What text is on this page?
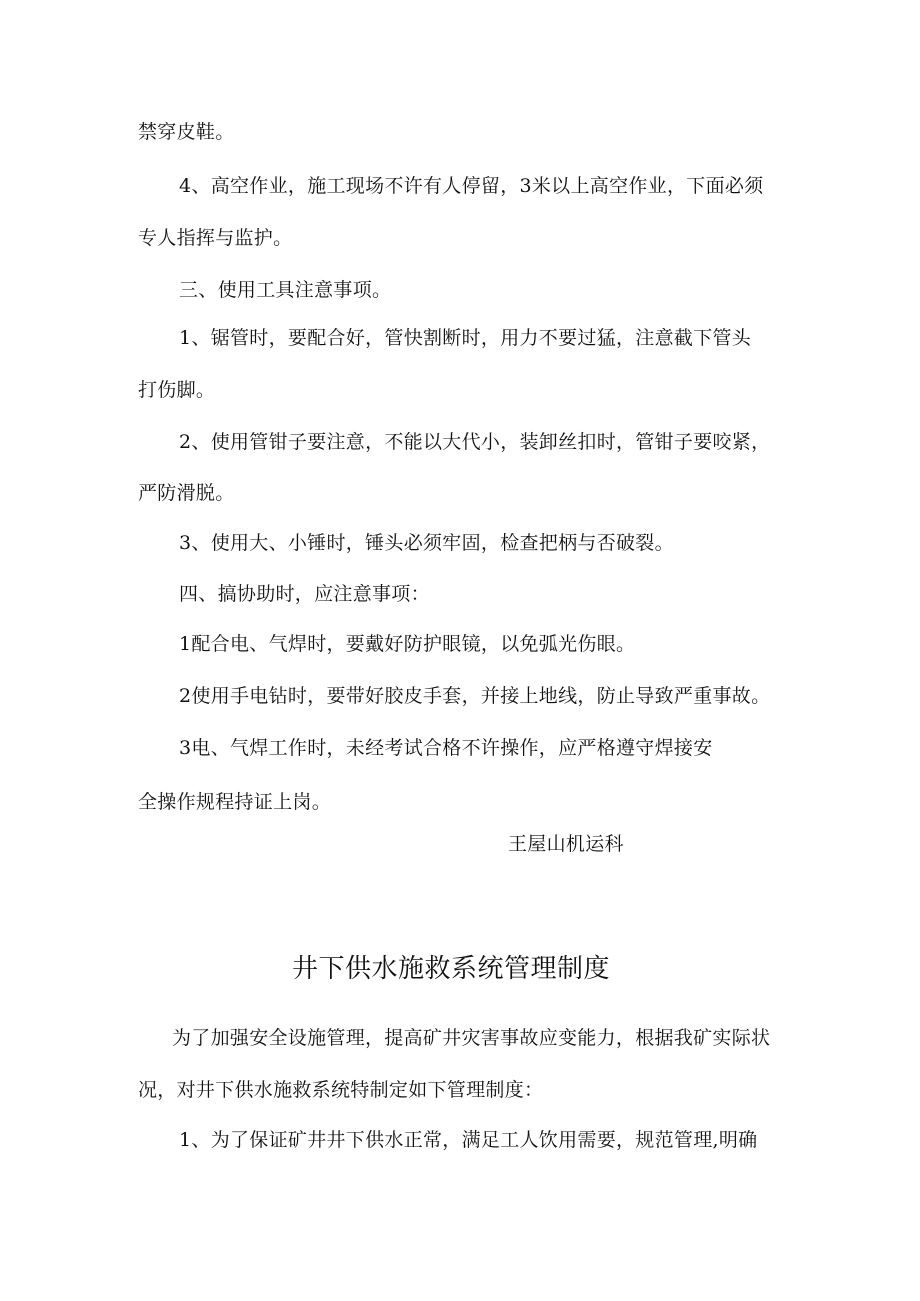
禁穿皮鞋。
4、高空作业，施工现场不许有人停留，3米以上高空作业，下面必须
专人指挥与监护。
三、使用工具注意事项。
1、锯管时，要配合好，管快割断时，用力不要过猛，注意截下管头
打伤脚。
2、使用管钳子要注意，不能以大代小，装卸丝扣时，管钳子要咬紧，
严防滑脱。
3、使用大、小锤时，锤头必须牢固，检查把柄与否破裂。
四、搞协助时，应注意事项：
1配合电、气焊时，要戴好防护眼镜，以免弧光伤眼。
2使用手电钻时，要带好胶皮手套，并接上地线，防止导致严重事故。
3电、气焊工作时，未经考试合格不许操作，应严格遵守焊接安
全操作规程持证上岗。
王屋山机运科
井下供水施救系统管理制度
为了加强安全设施管理，提高矿井灾害事故应变能力，根据我矿实际状
况，对井下供水施救系统特制定如下管理制度：
1、为了保证矿井井下供水正常，满足工人饮用需要，规范管理,明确
